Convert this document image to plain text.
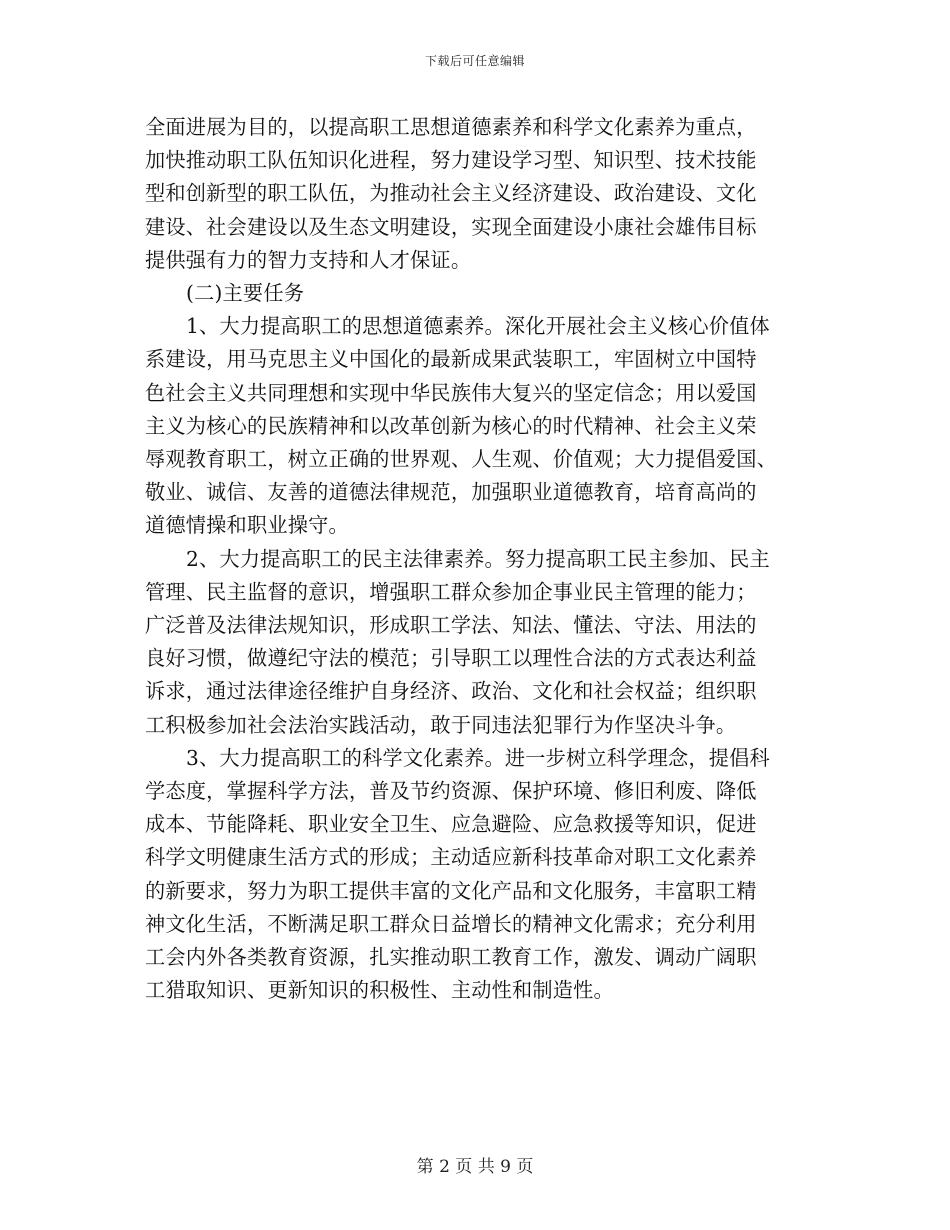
下载后可任意编辑
全面进展为目的，以提高职工思想道德素养和科学文化素养为重点，
加快推动职工队伍知识化进程，努力建设学习型、知识型、技术技能
型和创新型的职工队伍，为推动社会主义经济建设、政治建设、文化
建设、社会建设以及生态文明建设，实现全面建设小康社会雄伟目标
提供强有力的智力支持和人才保证。
(二)主要任务
1、大力提高职工的思想道德素养。深化开展社会主义核心价值体
系建设，用马克思主义中国化的最新成果武装职工，牢固树立中国特
色社会主义共同理想和实现中华民族伟大复兴的坚定信念；用以爱国
主义为核心的民族精神和以改革创新为核心的时代精神、社会主义荣
辱观教育职工，树立正确的世界观、人生观、价值观；大力提倡爱国、
敬业、诚信、友善的道德法律规范，加强职业道德教育，培育高尚的
道德情操和职业操守。
2、大力提高职工的民主法律素养。努力提高职工民主参加、民主
管理、民主监督的意识，增强职工群众参加企事业民主管理的能力；
广泛普及法律法规知识，形成职工学法、知法、懂法、守法、用法的
良好习惯，做遵纪守法的模范；引导职工以理性合法的方式表达利益
诉求，通过法律途径维护自身经济、政治、文化和社会权益；组织职
工积极参加社会法治实践活动，敢于同违法犯罪行为作坚决斗争。
3、大力提高职工的科学文化素养。进一步树立科学理念，提倡科
学态度，掌握科学方法，普及节约资源、保护环境、修旧利废、降低
成本、节能降耗、职业安全卫生、应急避险、应急救援等知识，促进
科学文明健康生活方式的形成；主动适应新科技革命对职工文化素养
的新要求，努力为职工提供丰富的文化产品和文化服务，丰富职工精
神文化生活，不断满足职工群众日益增长的精神文化需求；充分利用
工会内外各类教育资源，扎实推动职工教育工作，激发、调动广阔职
工猎取知识、更新知识的积极性、主动性和制造性。
第 2 页 共 9 页
